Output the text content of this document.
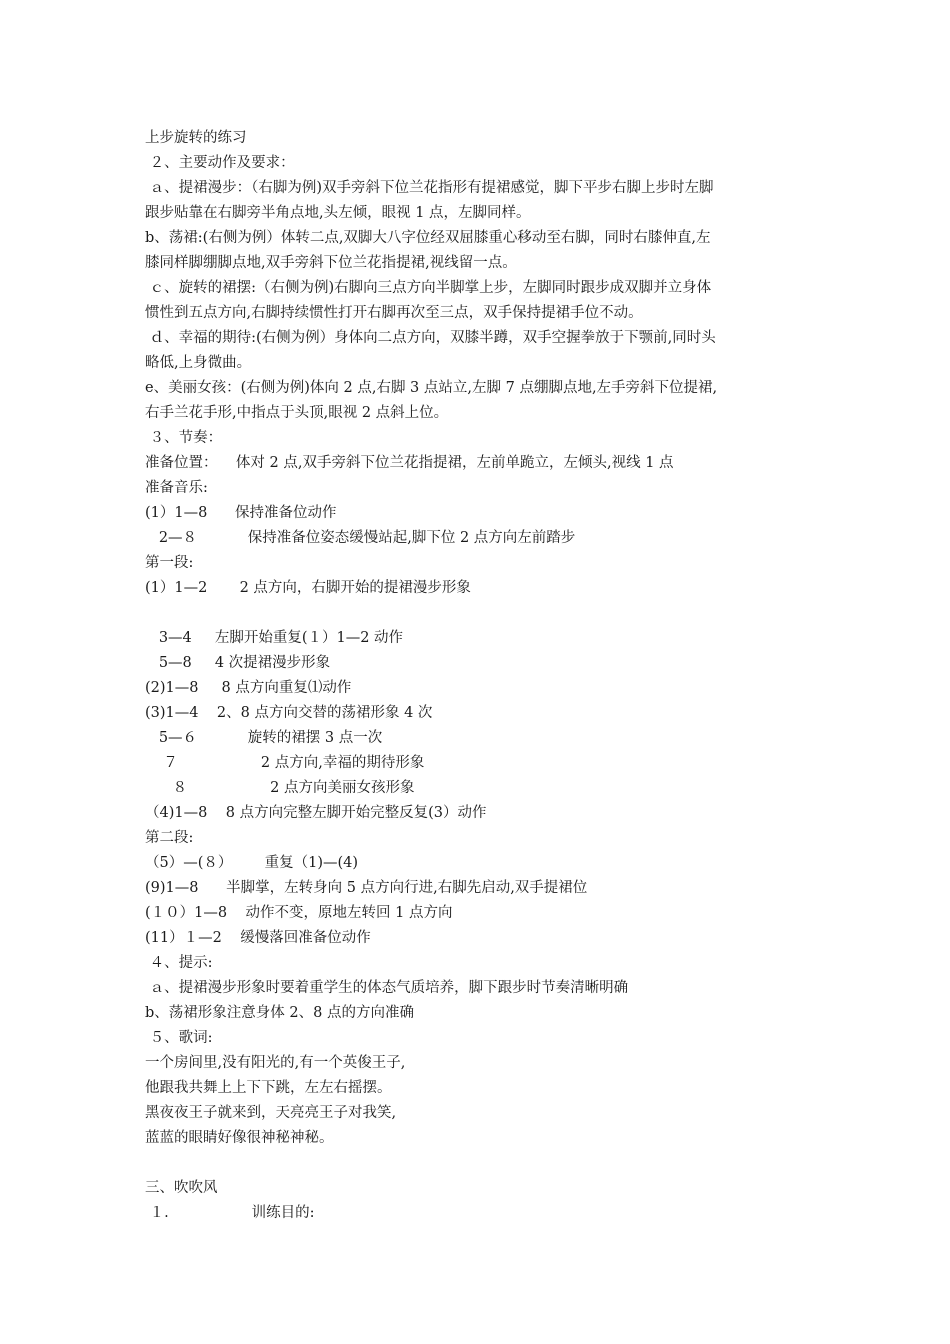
上步旋转的练习
２、主要动作及要求：
ａ、提裙漫步：（右脚为例)双手旁斜下位兰花指形有提裙感觉，脚下平步右脚上步时左脚
跟步贴靠在右脚旁半角点地,头左倾，眼视 1 点，左脚同样。
b、荡裙:(右侧为例）体转二点,双脚大八字位经双屈膝重心移动至右脚，同时右膝伸直,左
膝同样脚绷脚点地,双手旁斜下位兰花指提裙,视线留一点。
ｃ、旋转的裙摆:（右侧为例)右脚向三点方向半脚掌上步，左脚同时跟步成双脚并立身体
惯性到五点方向,右脚持续惯性打开右脚再次至三点，双手保持提裙手位不动。
ｄ、幸福的期待:(右侧为例）身体向二点方向，双膝半蹲，双手空握拳放于下颚前,同时头
略低,上身微曲。
e、美丽女孩：(右侧为例)体向 2 点,右脚 3 点站立,左脚 7 点绷脚点地,左手旁斜下位提裙,
右手兰花手形,中指点于头顶,眼视 2 点斜上位。
３、节奏：
准备位置：    体对 2 点,双手旁斜下位兰花指提裙，左前单跪立，左倾头,视线 1 点
准备音乐:
(1）1—8      保持准备位动作
2—８           保持准备位姿态缓慢站起,脚下位 2 点方向左前踏步
第一段:
(1）1—2       2 点方向，右脚开始的提裙漫步形象
3—4     左脚开始重复(１）1—2 动作
5—8     4 次提裙漫步形象
(2)1—8     8 点方向重复⑴动作
(3)1—4    2、8 点方向交替的荡裙形象 4 次
5—６           旋转的裙摆 3 点一次
７                  2 点方向,幸福的期待形象
８                  2 点方向美丽女孩形象
（4)1—8    8 点方向完整左脚开始完整反复(3）动作
第二段:
（5）—(８）       重复（1)—(4)
(9)1—8      半脚掌，左转身向 5 点方向行进,右脚先启动,双手提裙位
(１０）1—8    动作不变，原地左转回 1 点方向
(11）１—2    缓慢落回准备位动作
４、提示:
ａ、提裙漫步形象时要着重学生的体态气质培养，脚下跟步时节奏清晰明确
b、荡裙形象注意身体 2、8 点的方向准确
５、歌词:
一个房间里,没有阳光的,有一个英俊王子,
他跟我共舞上上下下跳，左左右摇摆。
黑夜夜王子就来到，天亮亮王子对我笑,
蓝蓝的眼睛好像很神秘神秘。
三、吹吹风
１.                  训练目的:
